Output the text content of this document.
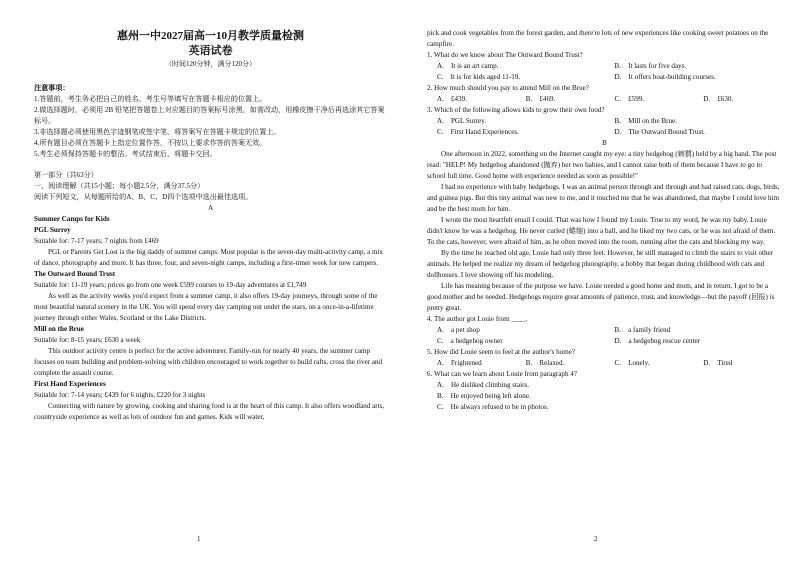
惠州一中2027届高一10月教学质量检测
英语试卷
（时间120分钟，满分120分）

注意事项：

1.答题前，考生务必把自己的姓名、考生号等填写在答题卡相应的位置上。

2.做选择题时，必须用 2B 铅笔把答题卷上对应题目的答案标号涂黑，如需改动，用橡皮擦干净后再选涂其它答案标号。

3.非选择题必须使用黑色字迹钢笔或签字笔，将答案写在答题卡规定的位置上。

4.所有题目必须在答题卡上指定位置作答，不按以上要求作答的答案无效。

5.考生必须保持答题卡的整洁。考试结束后，将题卡交回。

第一部分（共63分）

一、阅读理解（共15小题；每小题2.5分，满分37.5分）

阅读下列短文，从每题所给的A、B、C、D四个选项中选出最佳选项。

A

Summer Camps for Kids

PGL Surrey

Suitable for: 7-17 years; 7 nights from £469

PGL or Parents Get Lost is the big daddy of summer camps. Most popular is the seven-day multi-activity camp, a mix of dance, photography and more. It has three, four, and seven-night camps, including a first-timer week for new campers.

The Outward Bound Trust

Suitable for: 11-19 years; prices go from one week £599 courses to 19-day adventures at £1,749

As well as the activity weeks you'd expect from a summer camp, it also offers 19-day journeys, through some of the most beautiful natural scenery in the UK. You will spend every day camping out under the stars, on a once-in-a-lifetime journey through either Wales, Scotland or the Lake Districts.

Mill on the Brue

Suitable for: 8-15 years; £630 a week

This outdoor activity centre is perfect for the active adventurer. Family-run for nearly 40 years, the summer camp focuses on team building and problem-solving with children encouraged to work together to build rafts, cross the river and complete the assault course.

First Hand Experiences

Suitable for: 7-14 years; £439 for 6 nights, £220 for 3 nights

Connecting with nature by growing, cooking and sharing food is at the heart of this camp. It also offers woodland arts, countryside experience as well as lots of outdoor fun and games. Kids will water,

1

pick and cook vegetables from the forest garden, and there're lots of new experiences like cooking sweet potatoes on the campfire.

1. What do we know about The Outward Bound Trust?

A.　It is an art camp.	B.　It lasts for five days.
C.　It is for kids aged 11-19.	D.　It offers boat-building courses.

2. How much should you pay to attend Mill on the Brue?

A.　£439.	B.　£469.	C.　£599.	D.　£630.

3. Which of the following allows kids to grow their own food?

A.　PGL Surrey.	B.　Mill on the Brue.
C.　First Hand Experiences.	D.　The Outward Bound Trust.

B

One afternoon in 2022, something on the Internet caught my eye: a tiny hedgehog (刺猬) held by a big hand. The post read: "HELP! My hedgehog abandoned (抛弃) her two babies, and I cannot raise both of them because I have to go to school full time. Good home with experience needed as soon as possible!"

I had no experience with baby hedgehogs. I was an animal person through and through and had raised cats, dogs, birds, and guinea pigs. But this tiny animal was new to me, and it touched me that he was abandoned, that maybe I could love him and be the best mom for him.

I wrote the most heartfelt email I could. That was how I found my Louie. True to my word, he was my baby. Louie didn't know he was a hedgehog. He never curled (蜷缩) into a ball, and he liked my two cats, or he was not afraid of them. To the cats, however, were afraid of him, as he often moved into the room, running after the cats and blocking my way.

By the time he reached old age, Louie had only three feet. However, he still managed to climb the stairs to visit other animals. He helped me realize my dream of hedgehog photography, a hobby that began during childhood with cats and dollhouses. I love showing off his modeling.

Life has meaning because of the purpose we have. Louie needed a good home and mom, and in return, I got to be a good mother and be needed. Hedgehogs require great amounts of patience, trust, and knowledge—but the payoff (回报) is pretty great.

4. The author got Louie from ____.

A.　a pet shop	B.　a family friend
C.　a hedgehog owner	D.　a hedgehog rescue center

5. How did Louie seem to feel at the author's home?

A.　Frightened	B.　Relaxed.	C.　Lonely.	D.　Tired

6. What can we learn about Louie from paragraph 4?

A.　He disliked climbing stairs.
B.　He enjoyed being left alone.
C.　He always refused to be in photos.
2
